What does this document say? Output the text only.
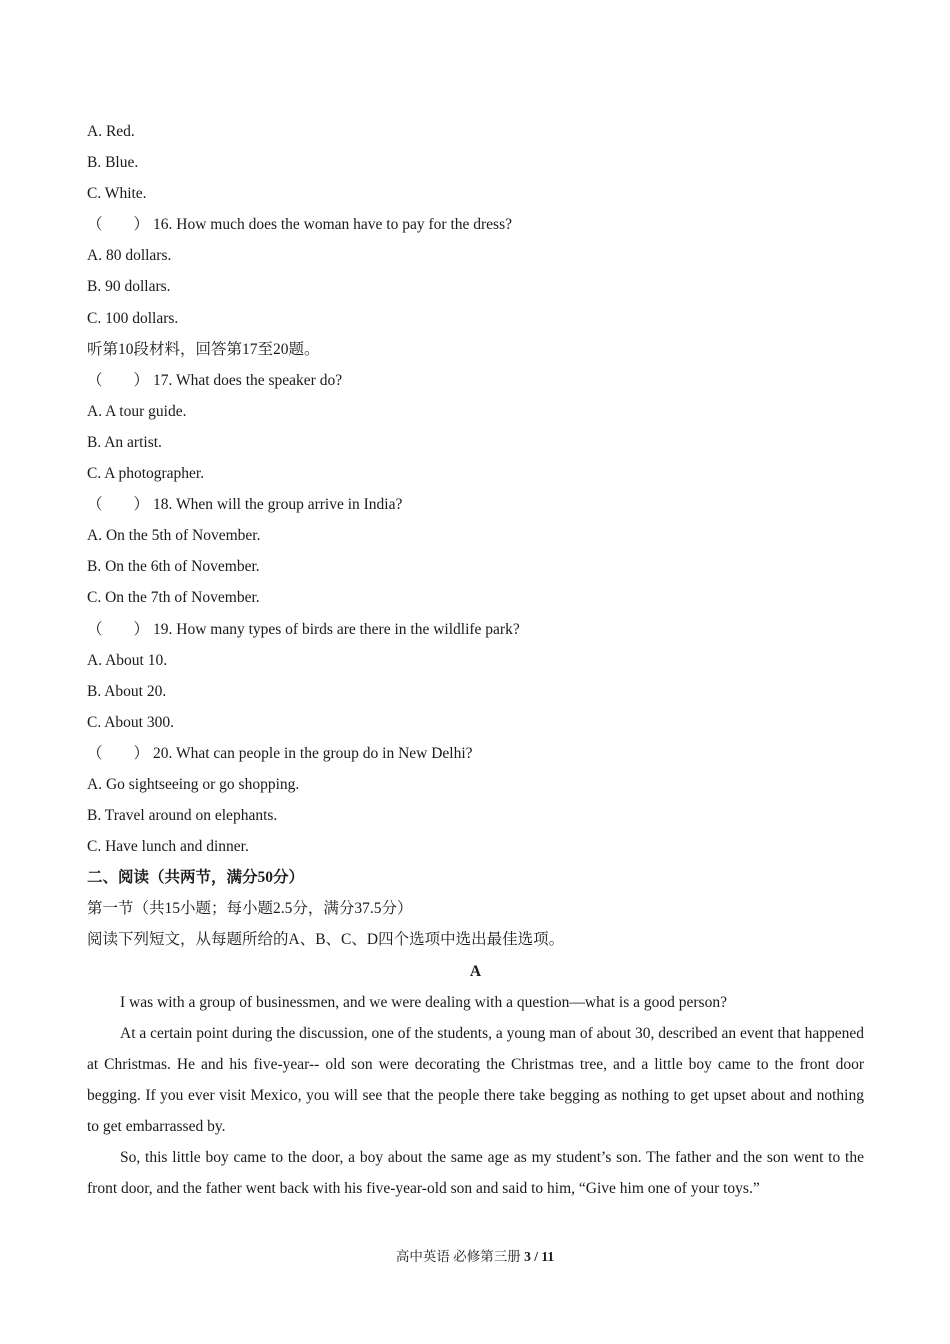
A. Red.
B. Blue.
C. White.
（　　） 16. How much does the woman have to pay for the dress?
A. 80 dollars.
B. 90 dollars.
C. 100 dollars.
听第10段材料，回答第17至20题。
（　　） 17. What does the speaker do?
A. A tour guide.
B. An artist.
C. A photographer.
（　　） 18. When will the group arrive in India?
A. On the 5th of November.
B. On the 6th of November.
C. On the 7th of November.
（　　） 19. How many types of birds are there in the wildlife park?
A. About 10.
B. About 20.
C. About 300.
（　　） 20. What can people in the group do in New Delhi?
A. Go sightseeing or go shopping.
B. Travel around on elephants.
C. Have lunch and dinner.
二、阅读（共两节，满分50分）
第一节（共15小题；每小题2.5分，满分37.5分）
阅读下列短文，从每题所给的A、B、C、D四个选项中选出最佳选项。
A

I was with a group of businessmen, and we were dealing with a question—what is a good person?

At a certain point during the discussion, one of the students, a young man of about 30, described an event that happened at Christmas. He and his five-year-- old son were decorating the Christmas tree, and a little boy came to the front door begging. If you ever visit Mexico, you will see that the people there take begging as nothing to get upset about and nothing to get embarrassed by.

So, this little boy came to the door, a boy about the same age as my student’s son. The father and the son went to the front door, and the father went back with his five-year-old son and said to him, “Give him one of your toys.”

高中英语 必修第三册 3 / 11
